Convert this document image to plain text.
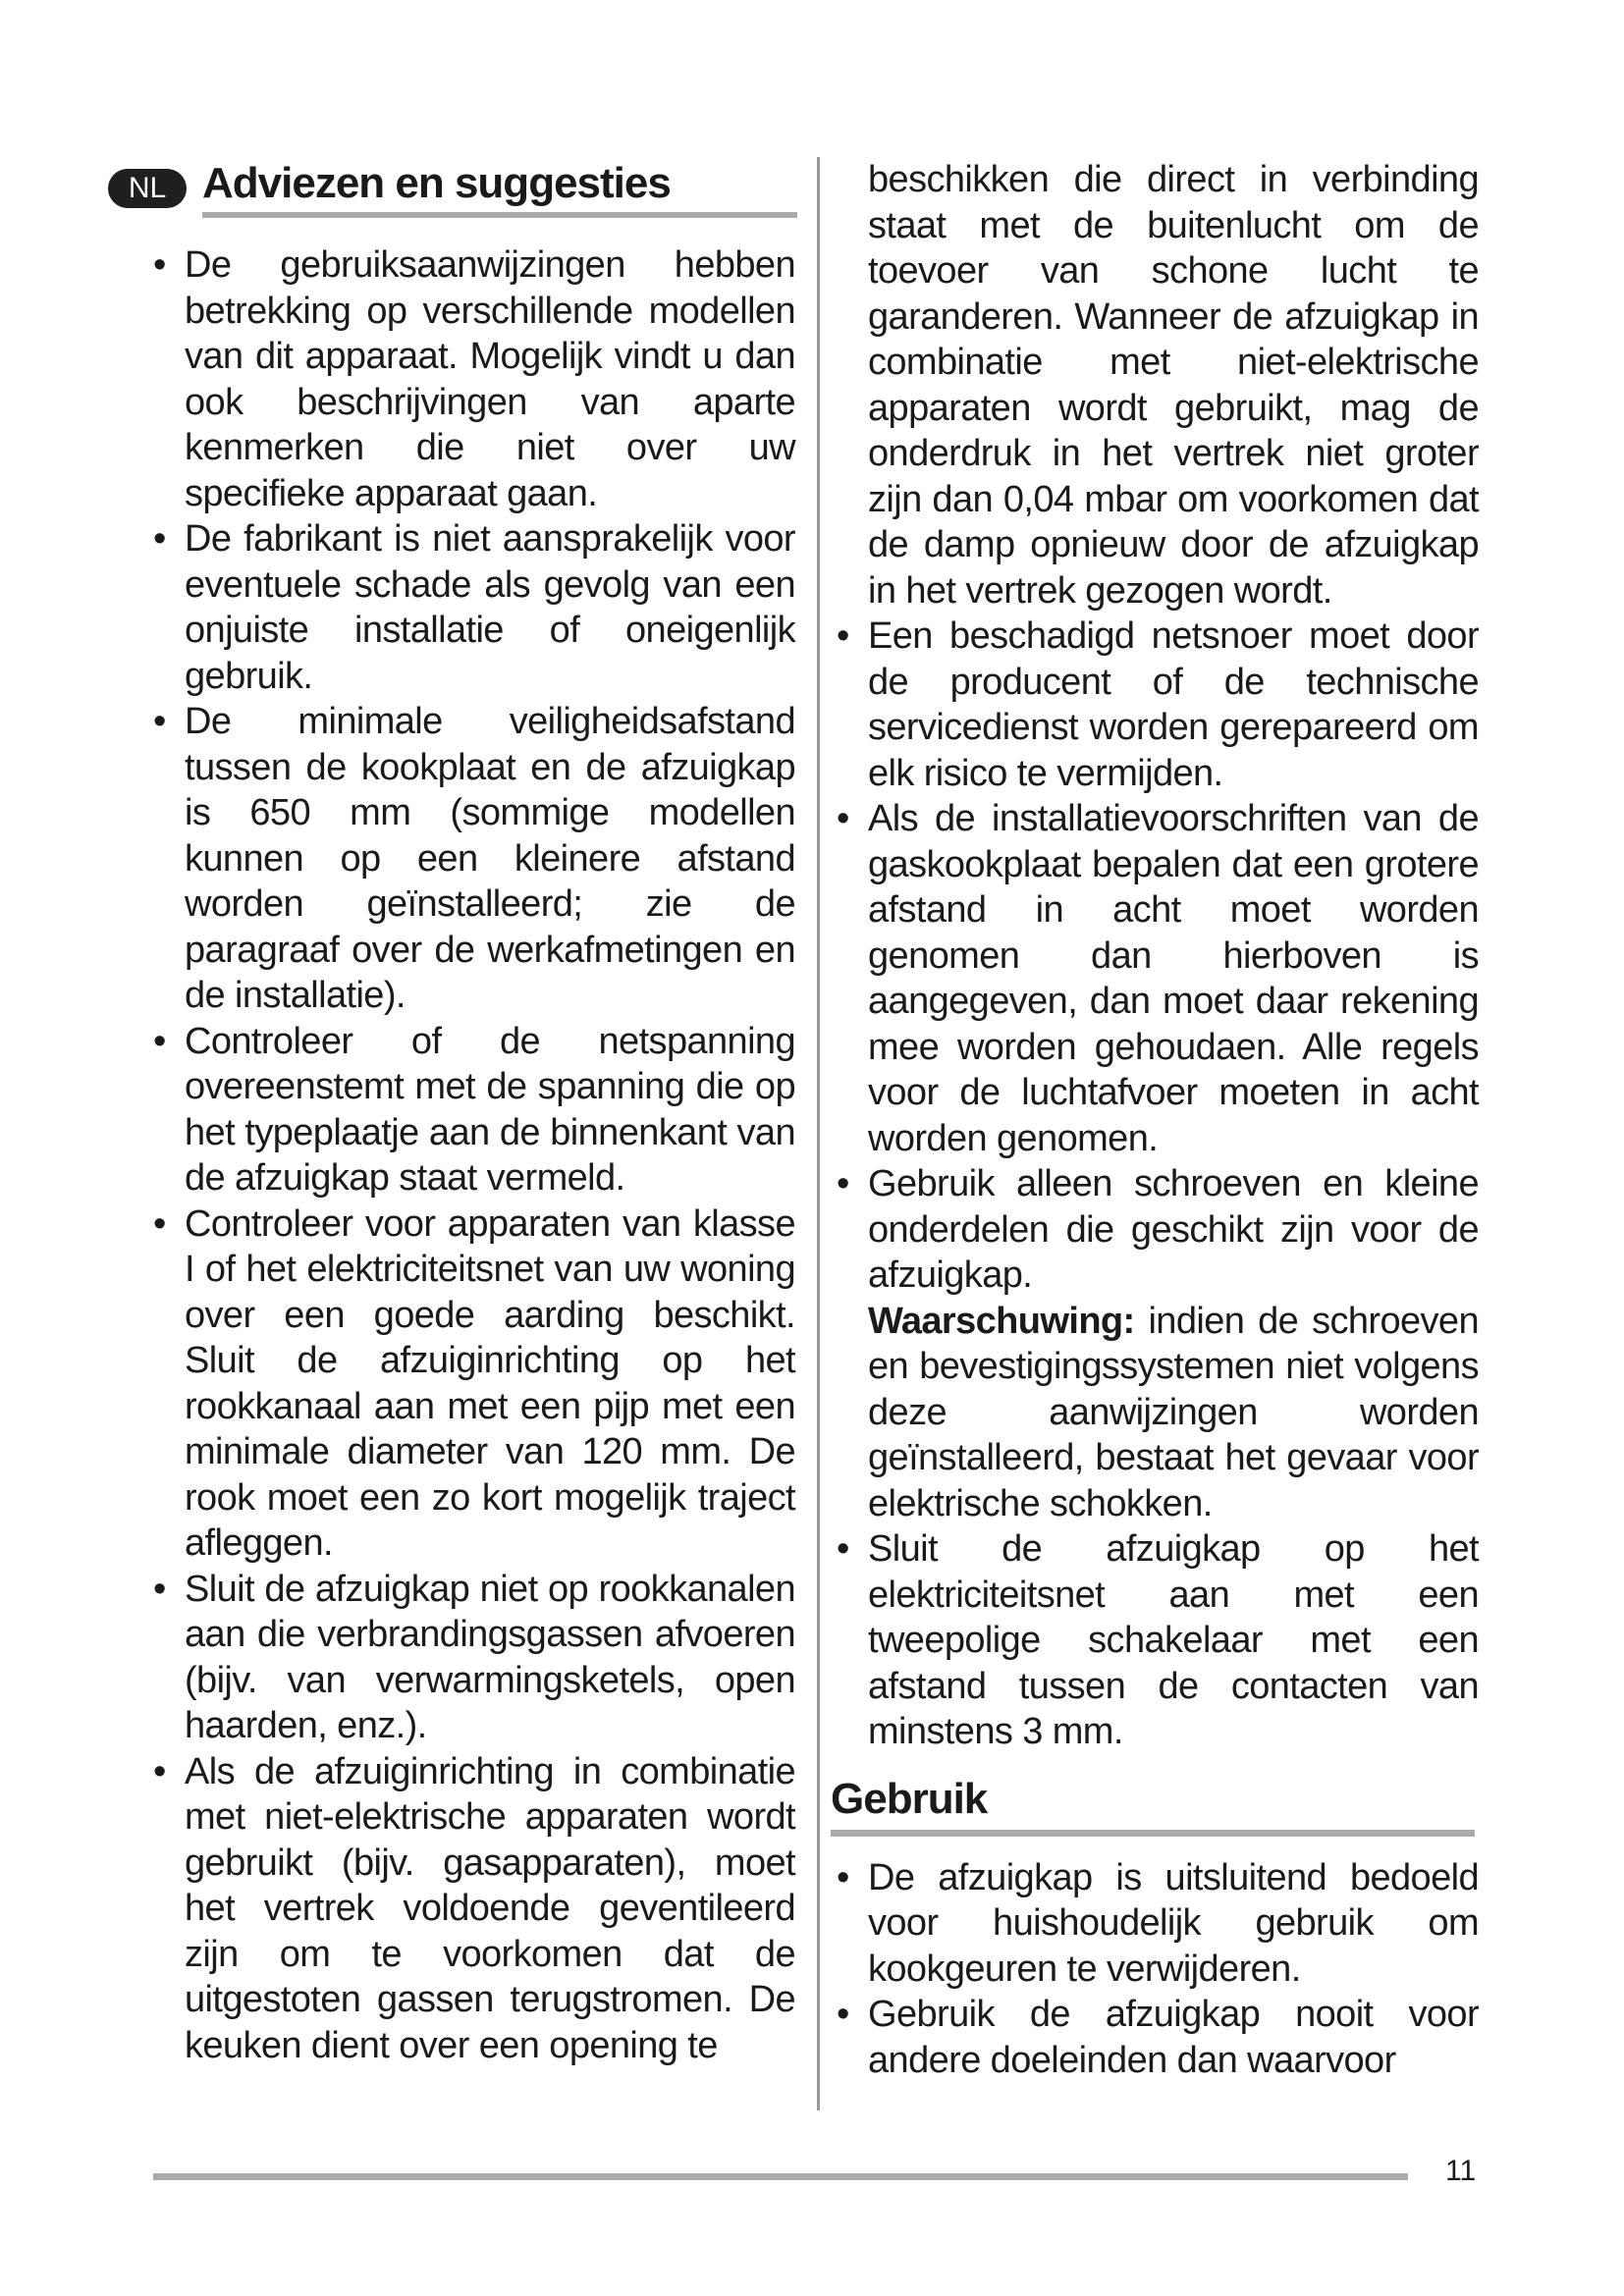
NL Adviezen en suggesties

• De gebruiksaanwijzingen hebben betrekking op verschillende modellen van dit apparaat. Mogelijk vindt u dan ook beschrijvingen van aparte kenmerken die niet over uw specifieke apparaat gaan.

• De fabrikant is niet aansprakelijk voor eventuele schade als gevolg van een onjuiste installatie of oneigenlijk gebruik.

• De minimale veiligheidsafstand tussen de kookplaat en de afzuigkap is 650 mm (sommige modellen kunnen op een kleinere afstand worden geïnstalleerd; zie de paragraaf over de werkafmetingen en de installatie).

• Controleer of de netspanning overeenstemt met de spanning die op het typeplaatje aan de binnenkant van de afzuigkap staat vermeld.

• Controleer voor apparaten van klasse I of het elektriciteitsnet van uw woning over een goede aarding beschikt. Sluit de afzuiginrichting op het rookkanaal aan met een pijp met een minimale diameter van 120 mm. De rook moet een zo kort mogelijk traject afleggen.

• Sluit de afzuigkap niet op rookkanalen aan die verbrandingsgassen afvoeren (bijv. van verwarmingsketels, open haarden, enz.).

• Als de afzuiginrichting in combinatie met niet-elektrische apparaten wordt gebruikt (bijv. gasapparaten), moet het vertrek voldoende geventileerd zijn om te voorkomen dat de uitgestoten gassen terugstromen. De keuken dient over een opening te

beschikken die direct in verbinding staat met de buitenlucht om de toevoer van schone lucht te garanderen. Wanneer de afzuigkap in combinatie met niet-elektrische apparaten wordt gebruikt, mag de onderdruk in het vertrek niet groter zijn dan 0,04 mbar om voorkomen dat de damp opnieuw door de afzuigkap in het vertrek gezogen wordt.

• Een beschadigd netsnoer moet door de producent of de technische servicedienst worden gerepareerd om elk risico te vermijden.

• Als de installatievoorschriften van de gaskookplaat bepalen dat een grotere afstand in acht moet worden genomen dan hierboven is aangegeven, dan moet daar rekening mee worden gehoudaen. Alle regels voor de luchtafvoer moeten in acht worden genomen.

• Gebruik alleen schroeven en kleine onderdelen die geschikt zijn voor de afzuigkap.

Waarschuwing: indien de schroeven en bevestigingssystemen niet volgens deze aanwijzingen worden geïnstalleerd, bestaat het gevaar voor elektrische schokken.

• Sluit de afzuigkap op het elektriciteitsnet aan met een tweepolige schakelaar met een afstand tussen de contacten van minstens 3 mm.

Gebruik

• De afzuigkap is uitsluitend bedoeld voor huishoudelijk gebruik om kookgeuren te verwijderen.

• Gebruik de afzuigkap nooit voor andere doeleinden dan waarvoor

11
